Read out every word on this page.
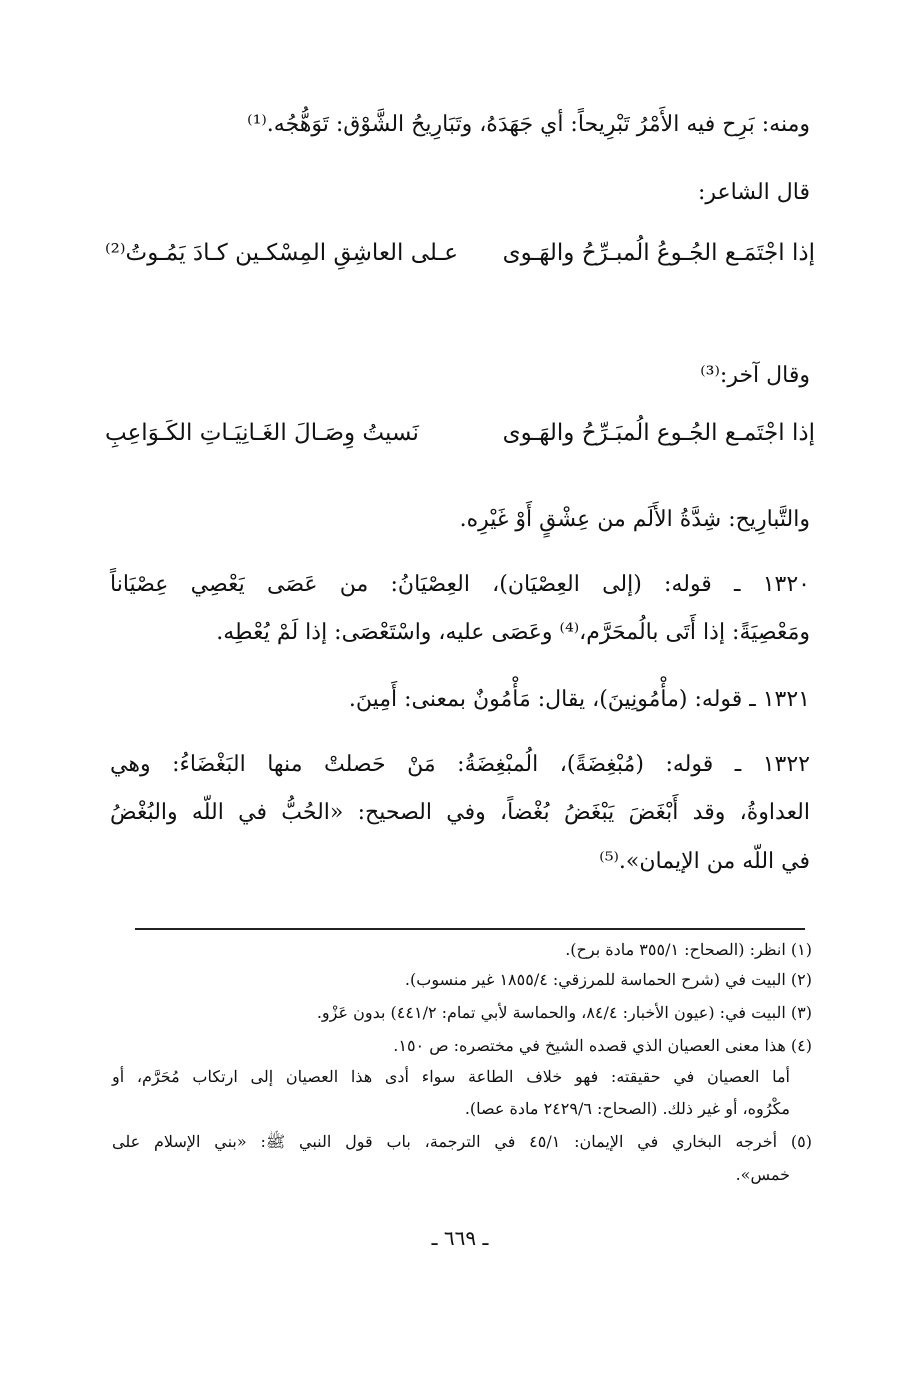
ومنه: بَرِح فيه الأَمْرُ تَبْرِيحاً: أي جَهَدَهُ، وتَبَارِيحُ الشَّوْق: تَوَهُّجُه.⁽¹⁾
قال الشاعر:
إذا اجْتَمَـع الجُـوعُ الُمبـرِّحُ والهَـوى
عـلى العاشِقِ المِسْكـين كـادَ يَمُـوتُ⁽²⁾
وقال آخر:⁽³⁾
إذا اجْتَمـع الجُـوع الُمبَـرِّحُ والهَـوى
نَسيتُ وِصَـالَ الغَـانِيَـاتِ الكَـوَاعِبِ
والتَّبارِيح: شِدَّةُ الأَلَم من عِشْقٍ أَوْ غَيْرِه.
١٣٢٠ ـ قوله: (إلى العِصْيَان)، العِصْيَانُ: من عَصَى يَعْصِي عِصْيَاناً
ومَعْصِيَةً: إذا أَتَى بالُمحَرَّم،⁽⁴⁾ وعَصَى عليه، واسْتَعْصَى: إذا لَمْ يُعْطِه.
١٣٢١ ـ قوله: (مأْمُونِينَ)، يقال: مَأْمُونٌ بمعنى: أَمِينَ.
١٣٢٢ ـ قوله: (مُبْغِضَةً)، الُمبْغِضَةُ: مَنْ حَصلتْ منها البَغْضَاءُ: وهي
العداوةُ، وقد أَبْغَضَ يَبْغَضُ بُغْضاً، وفي الصحيح: «الحُبُّ في اللّه والبُغْضُ
في اللّه من الإيمان».⁽⁵⁾
(١) انظر: (الصحاح: ٣٥٥/١ مادة برح).
(٢) البيت في (شرح الحماسة للمرزقي: ١٨٥٥/٤ غير منسوب).
(٣) البيت في: (عيون الأخبار: ٨٤/٤، والحماسة لأبي تمام: ٤٤١/٢) بدون عَزْو.
(٤) هذا معنى العصيان الذي قصده الشيخ في مختصره: ص ١٥٠.
أما العصيان في حقيقته: فهو خلاف الطاعة سواء أدى هذا العصيان إلى ارتكاب مُحَرَّم، أو
مكْرُوه، أو غير ذلك. (الصحاح: ٢٤٢٩/٦ مادة عصا).
(٥) أخرجه البخاري في الإيمان: ٤٥/١ في الترجمة، باب قول النبي ﷺ: «بني الإسلام على
خمس».
ـ ٦٦٩ ـ
